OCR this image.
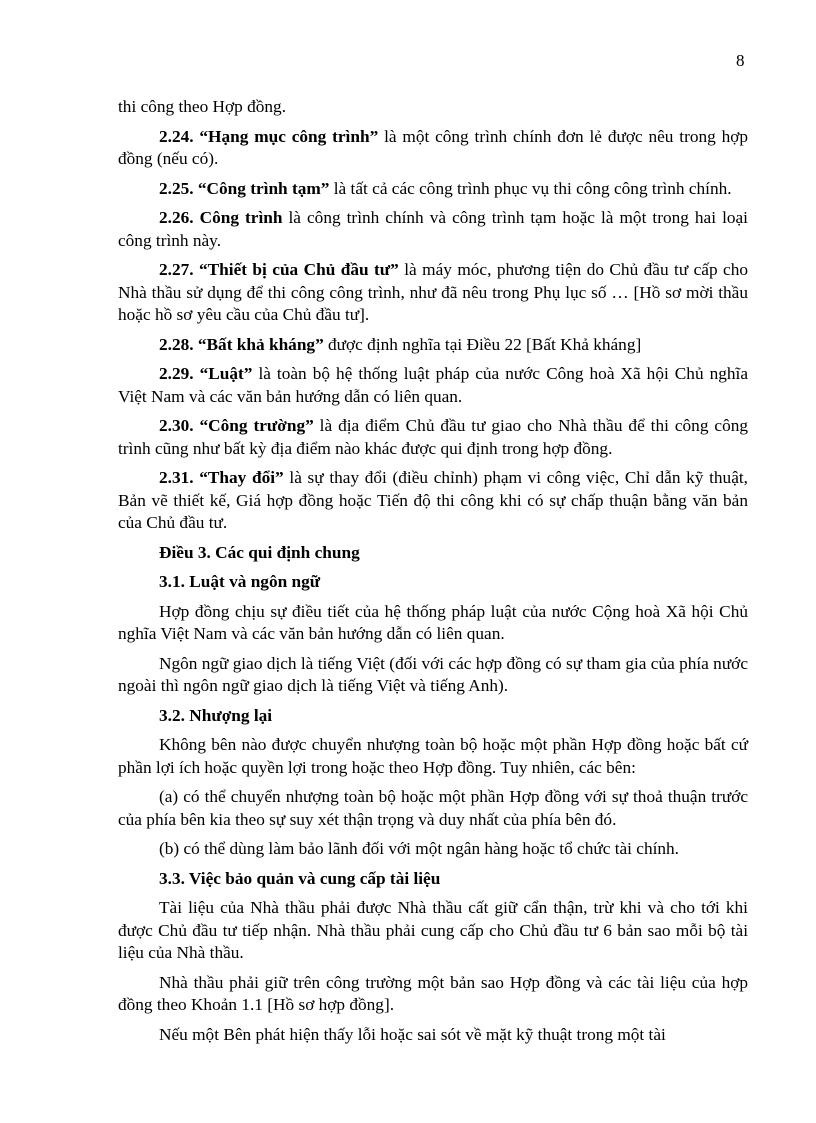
8

thi công theo Hợp đồng.

2.24. “Hạng mục công trình” là một công trình chính đơn lẻ được nêu trong hợp đồng (nếu có).

2.25. “Công trình tạm” là tất cả các công trình phục vụ thi công công trình chính.

2.26. Công trình là công trình chính và công trình tạm hoặc là một trong hai loại công trình này.

2.27. “Thiết bị của Chủ đầu tư” là máy móc, phương tiện do Chủ đầu tư cấp cho Nhà thầu sử dụng để thi công công trình, như đã nêu trong Phụ lục số … [Hồ sơ mời thầu hoặc hồ sơ yêu cầu của Chủ đầu tư].

2.28. “Bất khả kháng” được định nghĩa tại Điều 22 [Bất Khả kháng]

2.29. “Luật” là toàn bộ hệ thống luật pháp của nước Công hoà Xã hội Chủ nghĩa Việt Nam và các văn bản hướng dẫn có liên quan.

2.30. “Công trường” là địa điểm Chủ đầu tư giao cho Nhà thầu để thi công công trình cũng như bất kỳ địa điểm nào khác được qui định trong hợp đồng.

2.31. “Thay đổi” là sự thay đổi (điều chỉnh) phạm vi công việc, Chỉ dẫn kỹ thuật, Bản vẽ thiết kế, Giá hợp đồng hoặc Tiến độ thi công khi có sự chấp thuận bằng văn bản của Chủ đầu tư.

Điều 3. Các qui định chung
3.1. Luật và ngôn ngữ

Hợp đồng chịu sự điều tiết của hệ thống pháp luật của nước Cộng hoà Xã hội Chủ nghĩa Việt Nam và các văn bản hướng dẫn có liên quan.

Ngôn ngữ giao dịch là tiếng Việt (đối với các hợp đồng có sự tham gia của phía nước ngoài thì ngôn ngữ giao dịch là tiếng Việt và tiếng Anh).

3.2. Nhượng lại

Không bên nào được chuyển nhượng toàn bộ hoặc một phần Hợp đồng hoặc bất cứ phần lợi ích hoặc quyền lợi trong hoặc theo Hợp đồng. Tuy nhiên, các bên:

(a) có thể chuyển nhượng toàn bộ hoặc một phần Hợp đồng với sự thoả thuận trước của phía bên kia theo sự suy xét thận trọng và duy nhất của phía bên đó.

(b) có thể dùng làm bảo lãnh đối với một ngân hàng hoặc tổ chức tài chính.

3.3. Việc bảo quản và cung cấp tài liệu

Tài liệu của Nhà thầu phải được Nhà thầu cất giữ cẩn thận, trừ khi và cho tới khi được Chủ đầu tư tiếp nhận. Nhà thầu phải cung cấp cho Chủ đầu tư 6 bản sao mỗi bộ tài liệu của Nhà thầu.

Nhà thầu phải giữ trên công trường một bản sao Hợp đồng và các tài liệu của hợp đồng theo Khoản 1.1 [Hồ sơ hợp đồng].

Nếu một Bên phát hiện thấy lỗi hoặc sai sót về mặt kỹ thuật trong một tài
